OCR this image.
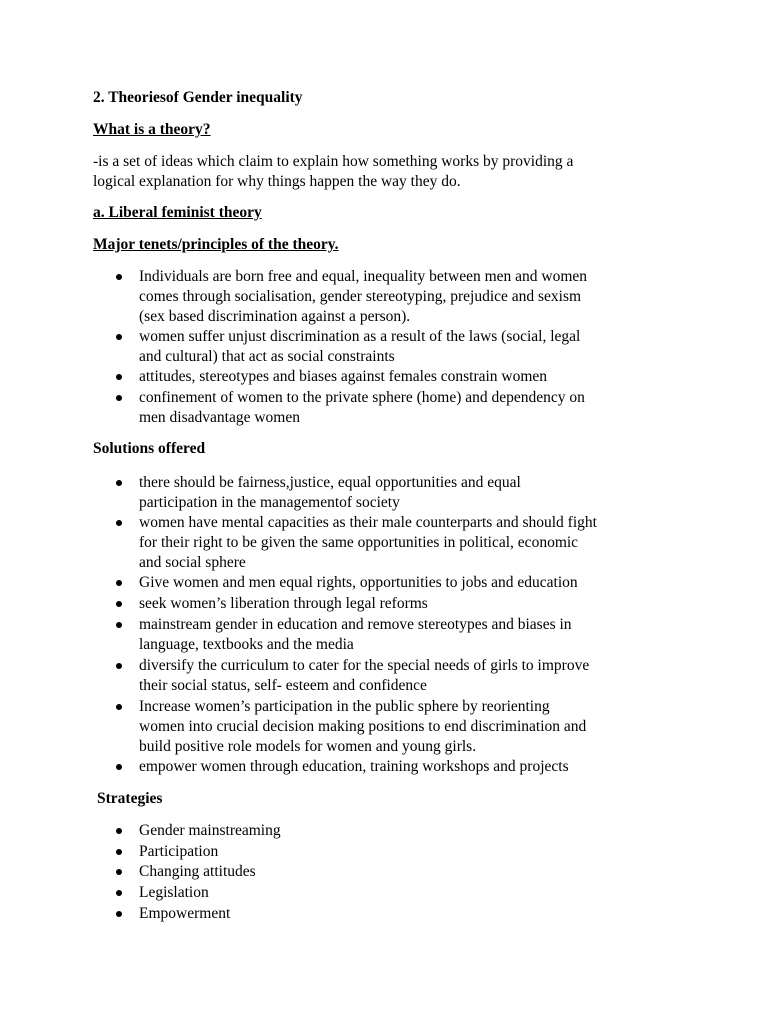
2. Theoriesof Gender inequality
What is a theory?
-is a set of ideas which claim to explain how something works by providing a
logical explanation for why things happen the way they do.
a. Liberal feminist theory
Major tenets/principles of the theory.
Individuals are born free and equal, inequality between men and women
comes through socialisation, gender stereotyping, prejudice and sexism
(sex based discrimination against a person).
women suffer unjust discrimination as a result of the laws (social, legal
and cultural) that act as social constraints
attitudes, stereotypes and biases against females constrain women
confinement of women to the private sphere (home) and dependency on
men disadvantage women
Solutions offered
there should be fairness,justice, equal opportunities and equal
participation in the managementof society
women have mental capacities as their male counterparts and should fight
for their right to be given the same opportunities in political, economic
and social sphere
Give women and men equal rights, opportunities to jobs and education
seek women’s liberation through legal reforms
mainstream gender in education and remove stereotypes and biases in
language, textbooks and the media
diversify the curriculum to cater for the special needs of girls to improve
their social status, self- esteem and confidence
Increase women’s participation in the public sphere by reorienting
women into crucial decision making positions to end discrimination and
build positive role models for women and young girls.
empower women through education, training workshops and projects
Strategies
Gender mainstreaming
Participation
Changing attitudes
Legislation
Empowerment
